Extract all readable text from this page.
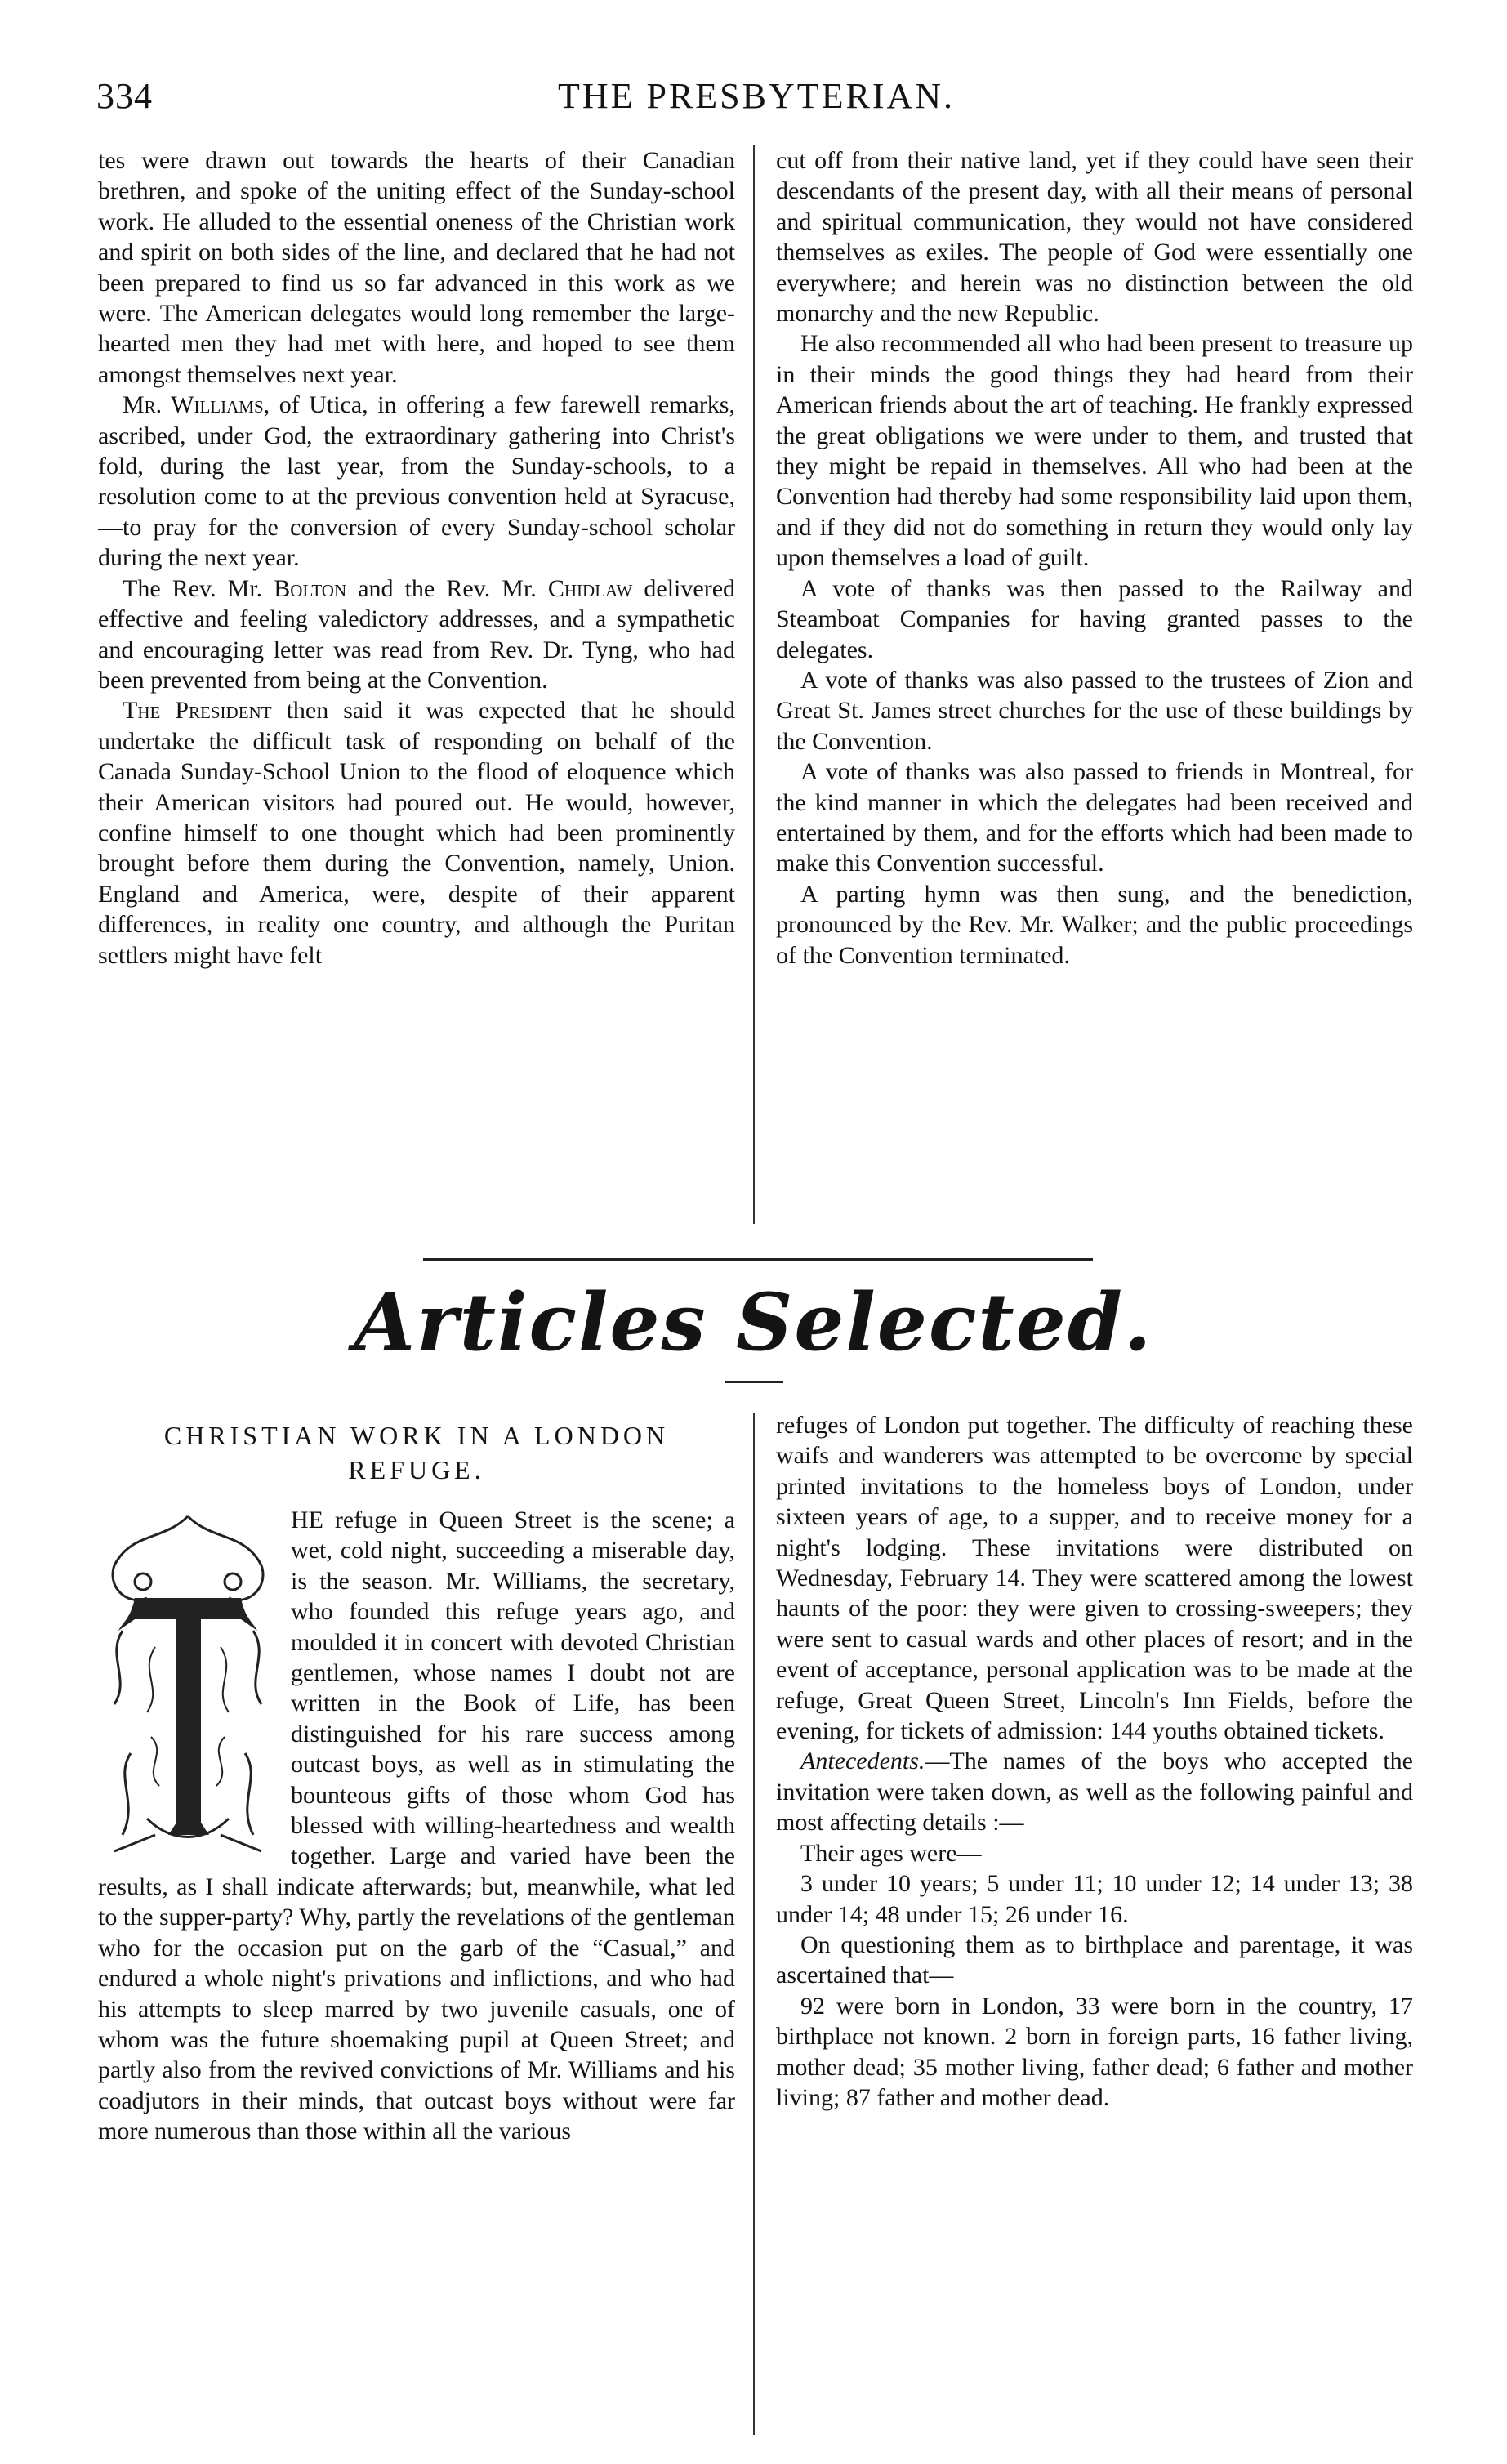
334	THE PRESBYTERIAN.

tes were drawn out towards the hearts of their Canadian brethren, and spoke of the uniting effect of the Sunday-school work. He alluded to the essential oneness of the Christian work and spirit on both sides of the line, and declared that he had not been prepared to find us so far advanced in this work as we were. The American delegates would long remember the large-hearted men they had met with here, and hoped to see them amongst themselves next year.

Mr. Williams, of Utica, in offering a few farewell remarks, ascribed, under God, the extraordinary gathering into Christ's fold, during the last year, from the Sunday-schools, to a resolution come to at the previous convention held at Syracuse,—to pray for the conversion of every Sunday-school scholar during the next year.

The Rev. Mr. Bolton and the Rev. Mr. Chidlaw delivered effective and feeling valedictory addresses, and a sympathetic and encouraging letter was read from Rev. Dr. Tyng, who had been prevented from being at the Convention.

The President then said it was expected that he should undertake the difficult task of responding on behalf of the Canada Sunday-School Union to the flood of eloquence which their American visitors had poured out. He would, however, confine himself to one thought which had been prominently brought before them during the Convention, namely, Union. England and America, were, despite of their apparent differences, in reality one country, and although the Puritan settlers might have felt

cut off from their native land, yet if they could have seen their descendants of the present day, with all their means of personal and spiritual communication, they would not have considered themselves as exiles. The people of God were essentially one everywhere; and herein was no distinction between the old monarchy and the new Republic.

He also recommended all who had been present to treasure up in their minds the good things they had heard from their American friends about the art of teaching. He frankly expressed the great obligations we were under to them, and trusted that they might be repaid in themselves. All who had been at the Convention had thereby had some responsibility laid upon them, and if they did not do something in return they would only lay upon themselves a load of guilt.

A vote of thanks was then passed to the Railway and Steamboat Companies for having granted passes to the delegates.

A vote of thanks was also passed to the trustees of Zion and Great St. James street churches for the use of these buildings by the Convention.

A vote of thanks was also passed to friends in Montreal, for the kind manner in which the delegates had been received and entertained by them, and for the efforts which had been made to make this Convention successful.

A parting hymn was then sung, and the benediction, pronounced by the Rev. Mr. Walker; and the public proceedings of the Convention terminated.

Articles Selected.
CHRISTIAN WORK IN A LONDON REFUGE.

HE refuge in Queen Street is the scene; a wet, cold night, succeeding a miserable day, is the season. Mr. Williams, the secretary, who founded this refuge years ago, and moulded it in concert with devoted Christian gentlemen, whose names I doubt not are written in the Book of Life, has been distinguished for his rare success among outcast boys, as well as in stimulating the bounteous gifts of those whom God has blessed with willing-heartedness and wealth together. Large and varied have been the results, as I shall indicate afterwards; but, meanwhile, what led to the supper-party? Why, partly the revelations of the gentleman who for the occasion put on the garb of the “Casual,” and endured a whole night's privations and inflictions, and who had his attempts to sleep marred by two juvenile casuals, one of whom was the future shoemaking pupil at Queen Street; and partly also from the revived convictions of Mr. Williams and his coadjutors in their minds, that outcast boys without were far more numerous than those within all the various

refuges of London put together. The difficulty of reaching these waifs and wanderers was attempted to be overcome by special printed invitations to the homeless boys of London, under sixteen years of age, to a supper, and to receive money for a night's lodging. These invitations were distributed on Wednesday, February 14. They were scattered among the lowest haunts of the poor: they were given to crossing-sweepers; they were sent to casual wards and other places of resort; and in the event of acceptance, personal application was to be made at the refuge, Great Queen Street, Lincoln's Inn Fields, before the evening, for tickets of admission: 144 youths obtained tickets.

Antecedents.—The names of the boys who accepted the invitation were taken down, as well as the following painful and most affecting details :—

Their ages were—

3 under 10 years; 5 under 11; 10 under 12; 14 under 13; 38 under 14; 48 under 15; 26 under 16.

On questioning them as to birthplace and parentage, it was ascertained that—

92 were born in London, 33 were born in the country, 17 birthplace not known. 2 born in foreign parts, 16 father living, mother dead; 35 mother living, father dead; 6 father and mother living; 87 father and mother dead.
